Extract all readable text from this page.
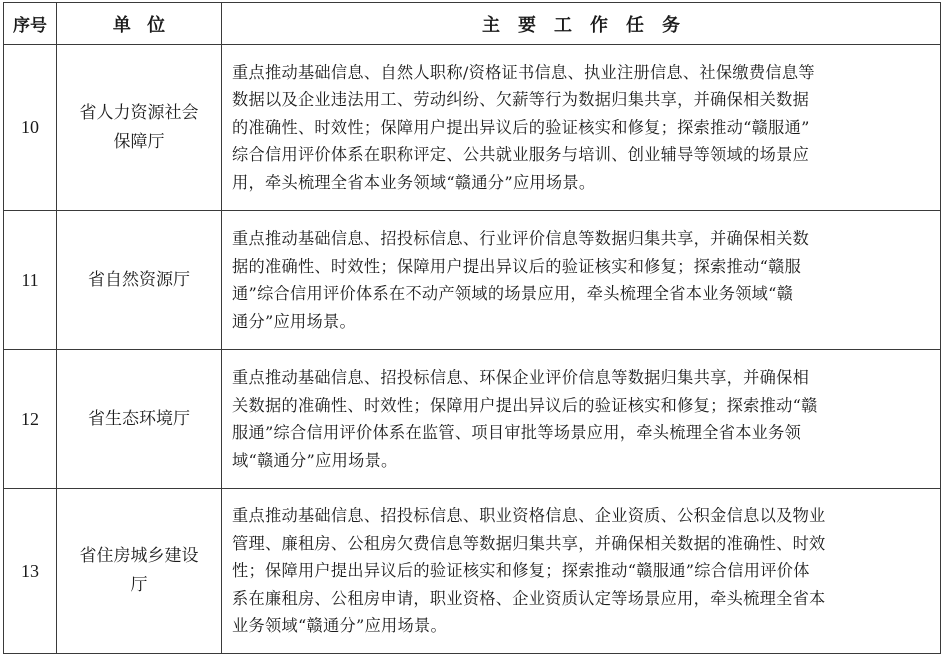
序号	单位	主要工作任务
10	省人力资源社会保障厅	重点推动基础信息、自然人职称/资格证书信息、执业注册信息、社保缴费信息等
数据以及企业违法用工、劳动纠纷、欠薪等行为数据归集共享，并确保相关数据
的准确性、时效性；保障用户提出异议后的验证核实和修复；探索推动“赣服通”
综合信用评价体系在职称评定、公共就业服务与培训、创业辅导等领域的场景应
用，牵头梳理全省本业务领域“赣通分”应用场景。

11	省自然资源厅	重点推动基础信息、招投标信息、行业评价信息等数据归集共享，并确保相关数
据的准确性、时效性；保障用户提出异议后的验证核实和修复；探索推动“赣服
通”综合信用评价体系在不动产领域的场景应用，牵头梳理全省本业务领域“赣
通分”应用场景。

12	省生态环境厅	重点推动基础信息、招投标信息、环保企业评价信息等数据归集共享，并确保相
关数据的准确性、时效性；保障用户提出异议后的验证核实和修复；探索推动“赣
服通”综合信用评价体系在监管、项目审批等场景应用，牵头梳理全省本业务领
域“赣通分”应用场景。

13	省住房城乡建设厅	重点推动基础信息、招投标信息、职业资格信息、企业资质、公积金信息以及物业
管理、廉租房、公租房欠费信息等数据归集共享，并确保相关数据的准确性、时效
性；保障用户提出异议后的验证核实和修复；探索推动“赣服通”综合信用评价体
系在廉租房、公租房申请，职业资格、企业资质认定等场景应用，牵头梳理全省本
业务领域“赣通分”应用场景。
